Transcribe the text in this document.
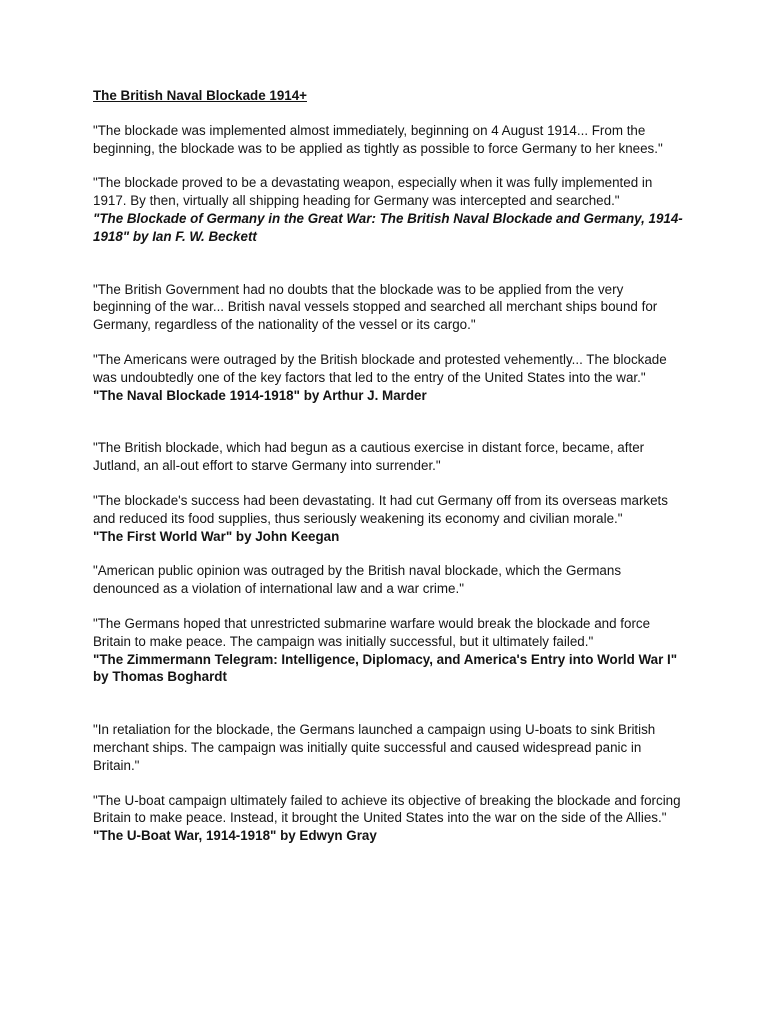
The British Naval Blockade 1914+

"The blockade was implemented almost immediately, beginning on 4 August 1914... From the beginning, the blockade was to be applied as tightly as possible to force Germany to her knees."

"The blockade proved to be a devastating weapon, especially when it was fully implemented in 1917. By then, virtually all shipping heading for Germany was intercepted and searched."

"The Blockade of Germany in the Great War: The British Naval Blockade and Germany, 1914-1918" by Ian F. W. Beckett

"The British Government had no doubts that the blockade was to be applied from the very beginning of the war... British naval vessels stopped and searched all merchant ships bound for Germany, regardless of the nationality of the vessel or its cargo."

"The Americans were outraged by the British blockade and protested vehemently... The blockade was undoubtedly one of the key factors that led to the entry of the United States into the war."

"The Naval Blockade 1914-1918" by Arthur J. Marder

"The British blockade, which had begun as a cautious exercise in distant force, became, after Jutland, an all-out effort to starve Germany into surrender."

"The blockade's success had been devastating. It had cut Germany off from its overseas markets and reduced its food supplies, thus seriously weakening its economy and civilian morale."

"The First World War" by John Keegan

"American public opinion was outraged by the British naval blockade, which the Germans denounced as a violation of international law and a war crime."

"The Germans hoped that unrestricted submarine warfare would break the blockade and force Britain to make peace. The campaign was initially successful, but it ultimately failed."

"The Zimmermann Telegram: Intelligence, Diplomacy, and America's Entry into World War I" by Thomas Boghardt

"In retaliation for the blockade, the Germans launched a campaign using U-boats to sink British merchant ships. The campaign was initially quite successful and caused widespread panic in Britain."

"The U-boat campaign ultimately failed to achieve its objective of breaking the blockade and forcing Britain to make peace. Instead, it brought the United States into the war on the side of the Allies."

"The U-Boat War, 1914-1918" by Edwyn Gray
